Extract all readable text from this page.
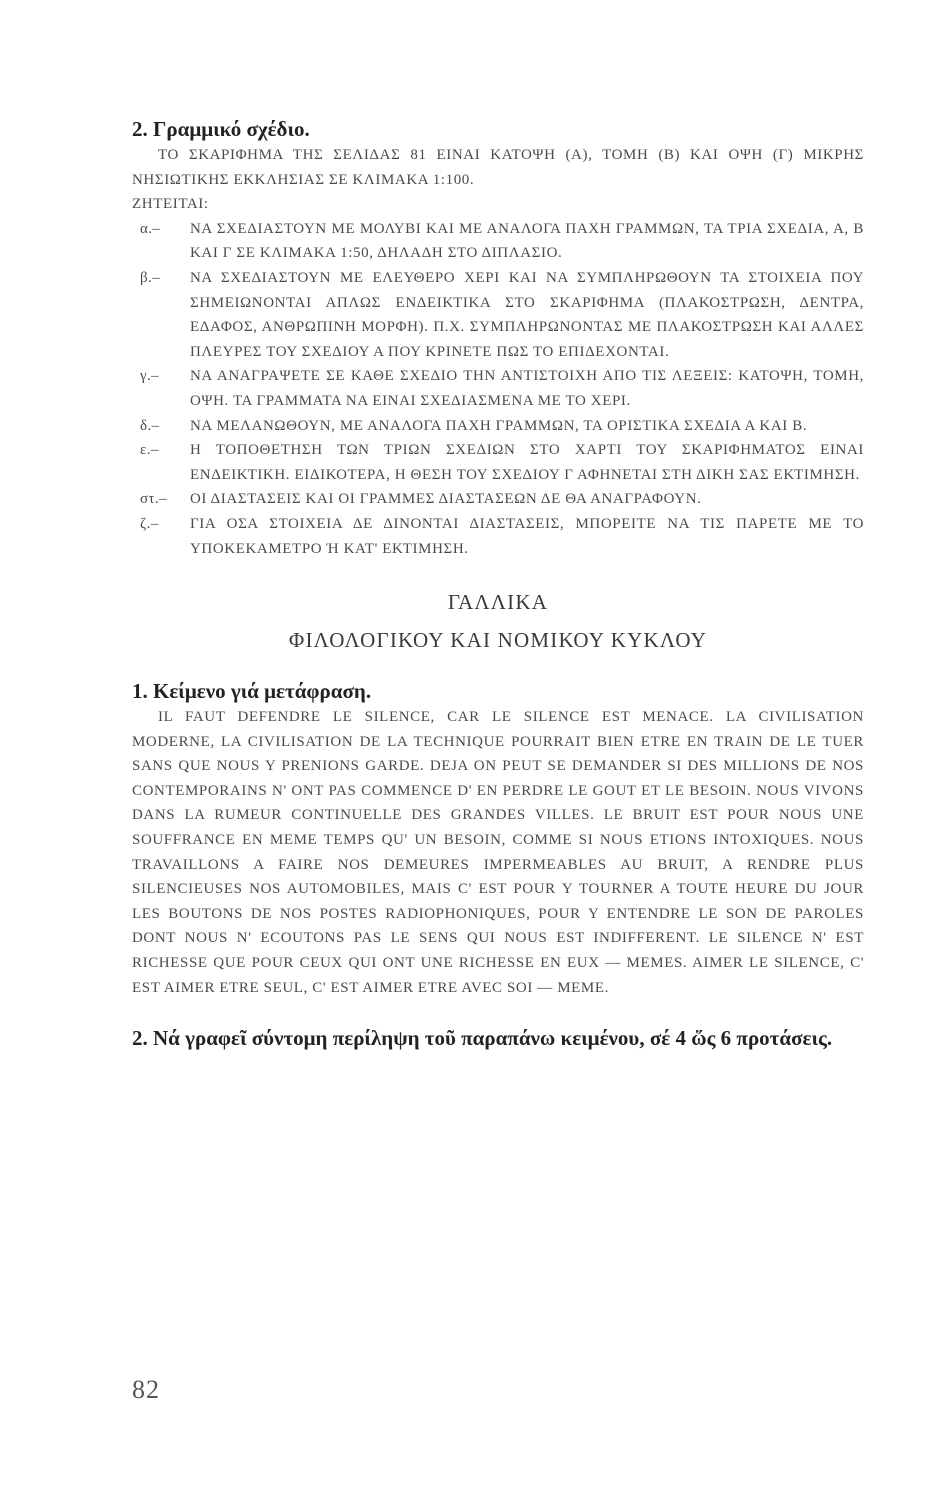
2. Γραμμικό σχέδιο.

ΤΟ ΣΚΑΡΙΦΗΜΑ ΤΗΣ ΣΕΛΙΔΑΣ 81 ΕΙΝΑΙ ΚΑΤΟΨΗ (Α), ΤΟΜΗ (Β) ΚΑΙ ΟΨΗ (Γ) ΜΙΚΡΗΣ ΝΗΣΙΩΤΙΚΗΣ ΕΚΚΛΗΣΙΑΣ ΣΕ ΚΛΙΜΑΚΑ 1:100.

ΖΗΤΕΙΤΑΙ:

α.– ΝΑ ΣΧΕΔΙΑΣΤΟΥΝ ΜΕ ΜΟΛΥΒΙ ΚΑΙ ΜΕ ΑΝΑΛΟΓΑ ΠΑΧΗ ΓΡΑΜΜΩΝ, ΤΑ ΤΡΙΑ ΣΧΕΔΙΑ, Α, Β ΚΑΙ Γ ΣΕ ΚΛΙΜΑΚΑ 1:50, ΔΗΛΑΔΗ ΣΤΟ ΔΙΠΛΑΣΙΟ.
β.– ΝΑ ΣΧΕΔΙΑΣΤΟΥΝ ΜΕ ΕΛΕΥΘΕΡΟ ΧΕΡΙ ΚΑΙ ΝΑ ΣΥΜΠΛΗΡΩΘΟΥΝ ΤΑ ΣΤΟΙΧΕΙΑ ΠΟΥ ΣΗΜΕΙΩΝΟΝΤΑΙ ΑΠΛΩΣ ΕΝΔΕΙΚΤΙΚΑ ΣΤΟ ΣΚΑΡΙΦΗΜΑ (ΠΛΑΚΟΣΤΡΩΣΗ, ΔΕΝΤΡΑ, ΕΔΑΦΟΣ, ΑΝΘΡΩΠΙΝΗ ΜΟΡΦΗ). Π.Χ. ΣΥΜΠΛΗΡΩΝΟΝΤΑΣ ΜΕ ΠΛΑΚΟΣΤΡΩΣΗ ΚΑΙ ΑΛΛΕΣ ΠΛΕΥΡΕΣ ΤΟΥ ΣΧΕΔΙΟΥ Α ΠΟΥ ΚΡΙΝΕΤΕ ΠΩΣ ΤΟ ΕΠΙΔΕΧΟΝΤΑΙ.
γ.– ΝΑ ΑΝΑΓΡΑΨΕΤΕ ΣΕ ΚΑΘΕ ΣΧΕΔΙΟ ΤΗΝ ΑΝΤΙΣΤΟΙΧΗ ΑΠΟ ΤΙΣ ΛΕΞΕΙΣ: ΚΑΤΟΨΗ, ΤΟΜΗ, ΟΨΗ. ΤΑ ΓΡΑΜΜΑΤΑ ΝΑ ΕΙΝΑΙ ΣΧΕΔΙΑΣΜΕΝΑ ΜΕ ΤΟ ΧΕΡΙ.
δ.– ΝΑ ΜΕΛΑΝΩΘΟΥΝ, ΜΕ ΑΝΑΛΟΓΑ ΠΑΧΗ ΓΡΑΜΜΩΝ, ΤΑ ΟΡΙΣΤΙΚΑ ΣΧΕΔΙΑ Α ΚΑΙ Β.
ε.– Η ΤΟΠΟΘΕΤΗΣΗ ΤΩΝ ΤΡΙΩΝ ΣΧΕΔΙΩΝ ΣΤΟ ΧΑΡΤΙ ΤΟΥ ΣΚΑΡΙΦΗΜΑΤΟΣ ΕΙΝΑΙ ΕΝΔΕΙΚΤΙΚΗ. ΕΙΔΙΚΟΤΕΡΑ, Η ΘΕΣΗ ΤΟΥ ΣΧΕΔΙΟΥ Γ ΑΦΗΝΕΤΑΙ ΣΤΗ ΔΙΚΗ ΣΑΣ ΕΚΤΙΜΗΣΗ.
στ.– ΟΙ ΔΙΑΣΤΑΣΕΙΣ ΚΑΙ ΟΙ ΓΡΑΜΜΕΣ ΔΙΑΣΤΑΣΕΩΝ ΔΕ ΘΑ ΑΝΑΓΡΑΦΟΥΝ.
ζ.– ΓΙΑ ΟΣΑ ΣΤΟΙΧΕΙΑ ΔΕ ΔΙΝΟΝΤΑΙ ΔΙΑΣΤΑΣΕΙΣ, ΜΠΟΡΕΙΤΕ ΝΑ ΤΙΣ ΠΑΡΕΤΕ ΜΕ ΤΟ ΥΠΟΚΕΚΑΜΕΤΡΟ Ή ΚΑΤ' ΕΚΤΙΜΗΣΗ.

ΓΑΛΛΙΚΑ

ΦΙΛΟΛΟΓΙΚΟΥ ΚΑΙ ΝΟΜΙΚΟΥ ΚΥΚΛΟΥ

1. Κείμενο γιά μετάφραση.

IL FAUT DEFENDRE LE SILENCE, CAR LE SILENCE EST MENACE. LA CIVILISATION MODERNE, LA CIVILISATION DE LA TECHNIQUE POURRAIT BIEN ETRE EN TRAIN DE LE TUER SANS QUE NOUS Y PRENIONS GARDE. DEJA ON PEUT SE DEMANDER SI DES MILLIONS DE NOS CONTEMPORAINS N' ONT PAS COMMENCE D' EN PERDRE LE GOUT ET LE BESOIN. NOUS VIVONS DANS LA RUMEUR CONTINUELLE DES GRANDES VILLES. LE BRUIT EST POUR NOUS UNE SOUFFRANCE EN MEME TEMPS QU' UN BESOIN, COMME SI NOUS ETIONS INTOXIQUES. NOUS TRAVAILLONS A FAIRE NOS DEMEURES IMPERMEABLES AU BRUIT, A RENDRE PLUS SILENCIEUSES NOS AUTOMOBILES, MAIS C' EST POUR Y TOURNER A TOUTE HEURE DU JOUR LES BOUTONS DE NOS POSTES RADIOPHONIQUES, POUR Y ENTENDRE LE SON DE PAROLES DONT NOUS N' ECOUTONS PAS LE SENS QUI NOUS EST INDIFFERENT. LE SILENCE N' EST RICHESSE QUE POUR CEUX QUI ONT UNE RICHESSE EN EUX — MEMES. AIMER LE SILENCE, C' EST AIMER ETRE SEUL, C' EST AIMER ETRE AVEC SOI — MEME.

2. Νά γραφεῖ σύντομη περίληψη τοῦ παραπάνω κειμένου, σέ 4 ὥς 6 προτάσεις.

82
